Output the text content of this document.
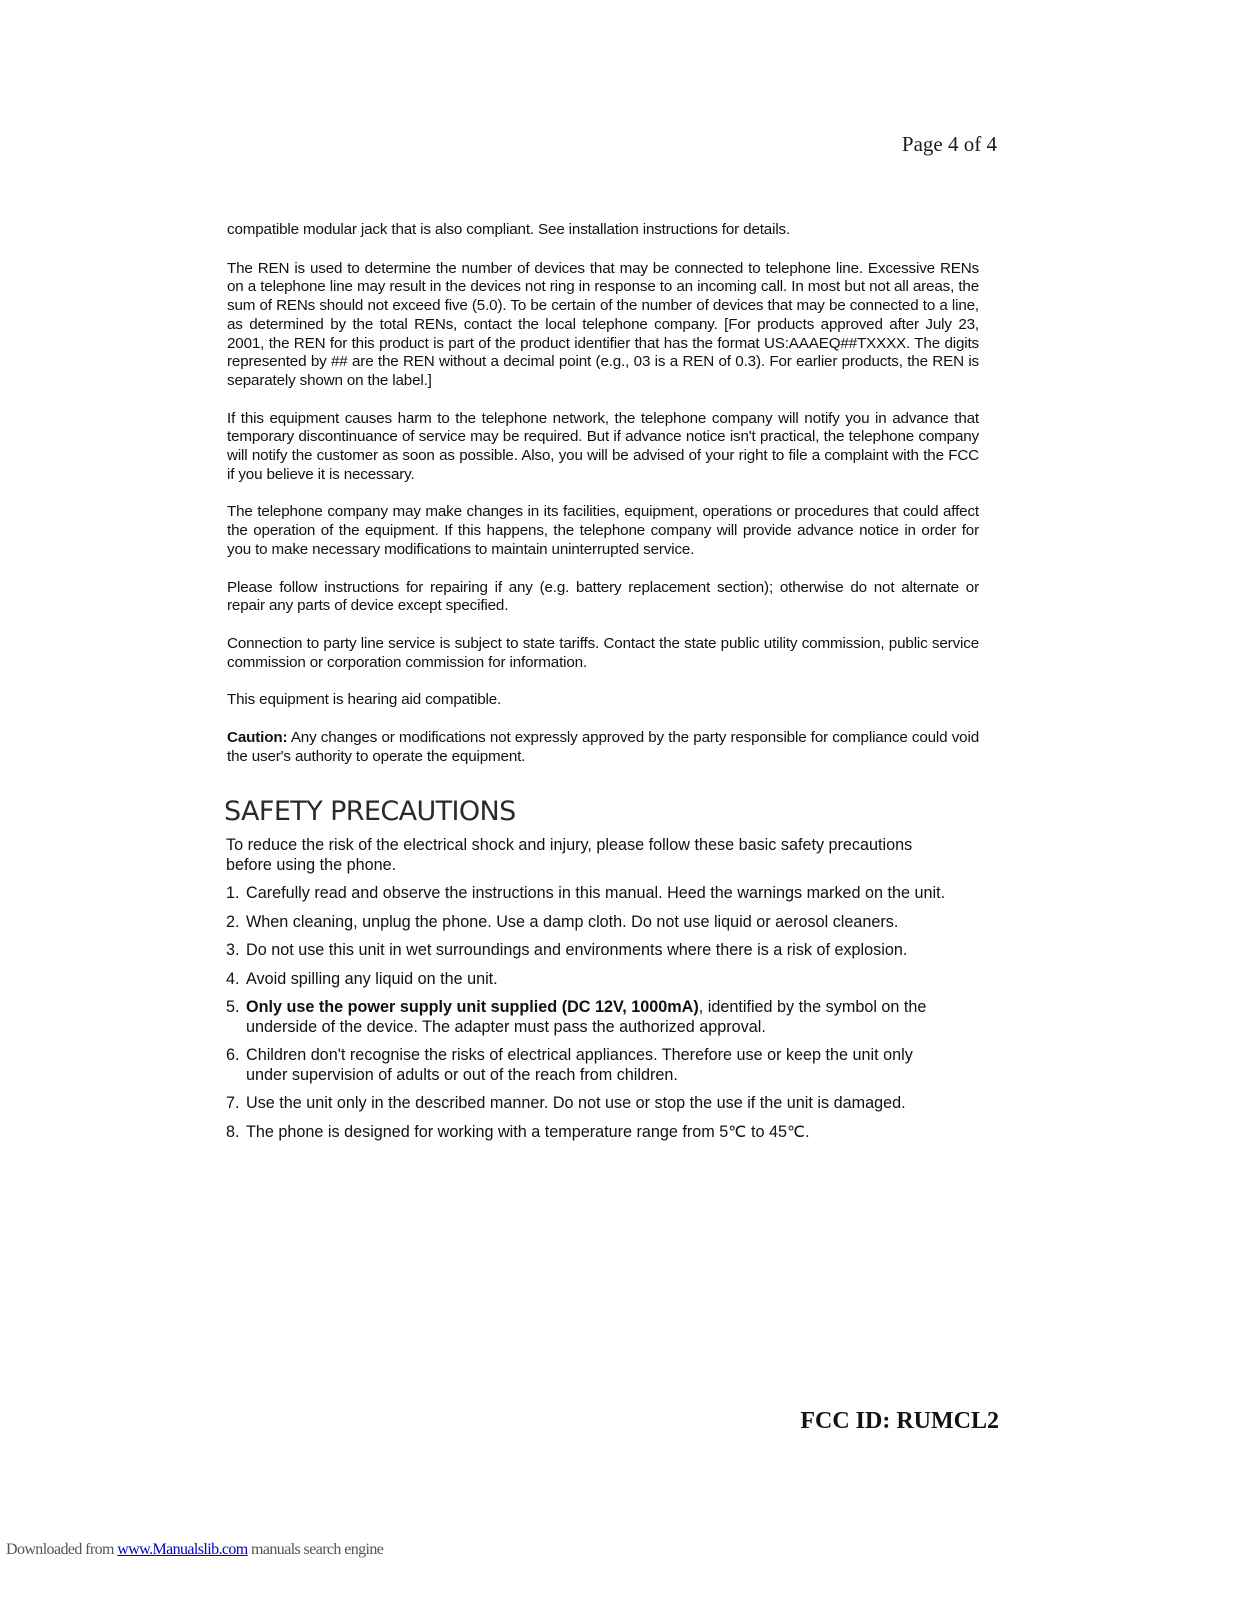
Page 4 of 4

compatible modular jack that is also compliant. See installation instructions for details.

The REN is used to determine the number of devices that may be connected to telephone line. Excessive RENs on a telephone line may result in the devices not ring in response to an incoming call. In most but not all areas, the sum of RENs should not exceed five (5.0). To be certain of the number of devices that may be connected to a line, as determined by the total RENs, contact the local telephone company. [For products approved after July 23, 2001, the REN for this product is part of the product identifier that has the format US:AAAEQ##TXXXX. The digits represented by ## are the REN without a decimal point (e.g., 03 is a REN of 0.3). For earlier products, the REN is separately shown on the label.]

If this equipment causes harm to the telephone network, the telephone company will notify you in advance that temporary discontinuance of service may be required. But if advance notice isn't practical, the telephone company will notify the customer as soon as possible. Also, you will be advised of your right to file a complaint with the FCC if you believe it is necessary.

The telephone company may make changes in its facilities, equipment, operations or procedures that could affect the operation of the equipment. If this happens, the telephone company will provide advance notice in order for you to make necessary modifications to maintain uninterrupted service.

Please follow instructions for repairing if any (e.g. battery replacement section); otherwise do not alternate or repair any parts of device except specified.

Connection to party line service is subject to state tariffs. Contact the state public utility commission, public service commission or corporation commission for information.

This equipment is hearing aid compatible.

Caution: Any changes or modifications not expressly approved by the party responsible for compliance could void the user's authority to operate the equipment.

SAFETY PRECAUTIONS
To reduce the risk of the electrical shock and injury, please follow these basic safety precautions
before using the phone.
1. Carefully read and observe the instructions in this manual. Heed the warnings marked on the unit.
2. When cleaning, unplug the phone. Use a damp cloth. Do not use liquid or aerosol cleaners.
3. Do not use this unit in wet surroundings and environments where there is a risk of explosion.
4. Avoid spilling any liquid on the unit.
5. Only use the power supply unit supplied (DC 12V, 1000mA), identified by the symbol on the
underside of the device. The adapter must pass the authorized approval.
6. Children don't recognise the risks of electrical appliances. Therefore use or keep the unit only
under supervision of adults or out of the reach from children.
7. Use the unit only in the described manner. Do not use or stop the use if the unit is damaged.
8. The phone is designed for working with a temperature range from 5℃ to 45℃.
FCC ID: RUMCL2
Downloaded from www.Manualslib.com manuals search engine
